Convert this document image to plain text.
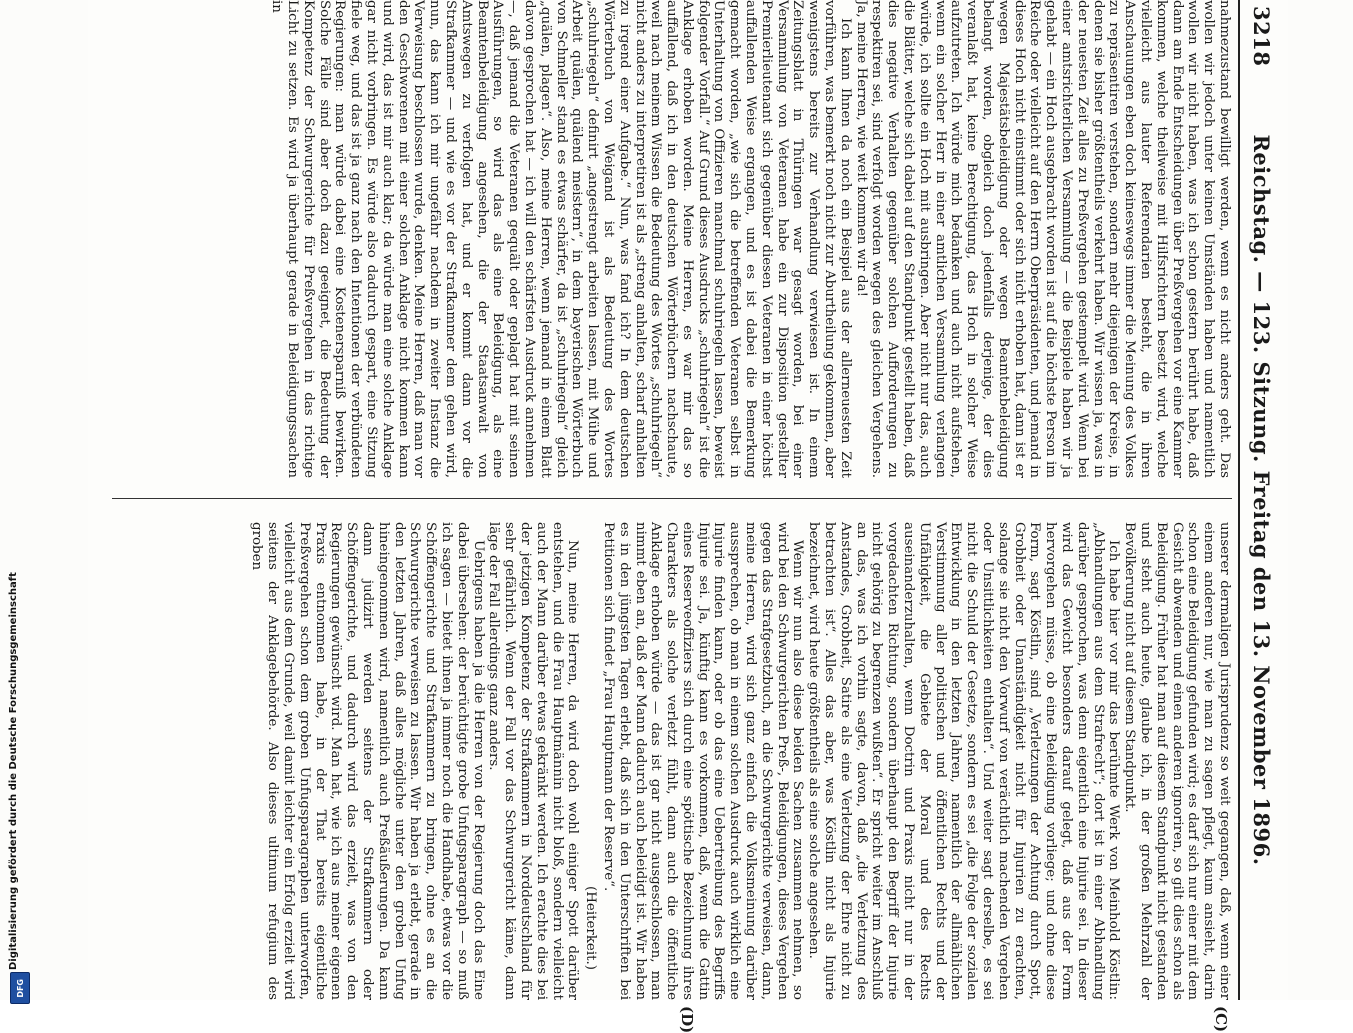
Digitalisierung gefördert durch die Deutsche Forschungsgemeinschaft
DFG
3218
Reichstag. — 123. Sitzung. Freitag den 13. November 1896.
(C)
(D)

nahmezustand bewilligt werden, wenn es nicht anders geht. Das wollen wir jedoch unter keinen Umständen haben und namentlich wollen wir nicht haben, was ich schon gestern berührt habe, daß dann am Ende Entscheidungen über Preßvergehen vor eine Kammer kommen, welche theilweise mit Hilfsrichtern besetzt wird, welche vielleicht aus lauter Referendarien besteht, die in ihren Anschauungen eben doch keineswegs immer die Meinung des Volkes zu repräsentiren verstehen, sondern mehr diejenigen der Kreise, in denen sie bisher größtentheils verkehrt haben. Wir wissen ja, was in der neuesten Zeit alles zu Preßvergehen gestempelt wird. Wenn bei einer amtsrichterlichen Versammlung — die Beispiele haben wir ja gehabt — ein Hoch ausgebracht worden ist auf die höchste Person im Reiche oder vielleicht auf den Herrn Oberpräsidenten, und jemand in dieses Hoch nicht einstimmt oder sich nicht erhoben hat, dann ist er wegen Majestätsbeleidigung oder wegen Beamtenbeleidigung belangt worden, obgleich doch jedenfalls derjenige, der dies veranlaßt hat, keine Berechtigung, das Hoch in solcher Weise aufzutreten. Ich würde mich bedanken und auch nicht aufstehen, wenn ein solcher Herr in einer amtlichen Versammlung verlangen würde, ich sollte ein Hoch mit ausbringen. Aber nicht nur das, auch die Blätter, welche sich dabei auf den Standpunkt gestellt haben, daß dies negative Verhalten gegenüber solchen Aufforderungen zu respektiren sei, sind verfolgt worden wegen des gleichen Vergehens. Ja, meine Herren, wie weit kommen wir da!

Ich kann Ihnen da noch ein Beispiel aus der allerneuesten Zeit vorführen, was bemerkt noch nicht zur Aburtheilung gekommen, aber wenigstens bereits zur Verhandlung verwiesen ist. In einem Zeitungsblatt in Thüringen war gesagt worden, bei einer Versammlung von Veteranen habe ein zur Disposition gestellter Premierlieutenant sich gegenüber diesen Veteranen in einer höchst auffallenden Weise ergangen, und es ist dabei die Bemerkung gemacht worden, „wie sich die betreffenden Veteranen selbst in Unterhaltung von Offizieren manchmal schuhriegeln lassen, beweist folgender Vorfall.“ Auf Grund dieses Ausdrucks „schuhriegeln“ ist die Anklage erhoben worden. Meine Herren, es war mir das so auffallend, daß ich in den deutschen Wörterbüchern nachschaute, weil nach meinem Wissen die Bedeutung des Wortes „schuhriegeln“ nicht anders zu interpretiren ist als „streng anhalten, scharf anhalten zu irgend einer Aufgabe.“ Nun, was fand ich? In dem deutschen Wörterbuch von Weigand ist als Bedeutung des Wortes „schuhriegeln“ definirt „angestrengt arbeiten lassen, mit Mühe und Arbeit quälen, quälend meistern“, in dem bayerischen Wörterbuch von Schmeller stand es etwas schärfer, da ist „schuhriegeln“ gleich „quälen, plagen“. Also, meine Herren, wenn jemand in einem Blatt davon gesprochen hat — ich will den schärfsten Ausdruck annehmen —, daß jemand die Veteranen gequält oder geplagt hat mit seinen Ausführungen, so wird das als eine Beleidigung, als eine Beamtenbeleidigung angesehen, die der Staatsanwalt von Amtswegen zu verfolgen hat, und er kommt dann vor die Strafkammer — und wie es vor der Strafkammer dem gehen wird, nun, das kann ich mir ungefähr nachdem in zweiter Instanz die Verweisung beschlossen wurde, denken. Meine Herren, daß man vor den Geschworenen mit einer solchen Anklage nicht kommen kann und wird, das ist mir auch klar; da würde man eine solche Anklage gar nicht vorbringen. Es würde also dadurch gespart, eine Sitzung fiele weg, und das ist ja ganz nach den Intentionen der verbündeten Regierungen: man würde dabei eine Kostenersparniß bewirken. Solche Fälle sind aber doch dazu geeignet, die Bedeutung der Kompetenz der Schwurgerichte für Preßvergehen in das richtige Licht zu setzen. Es wird ja überhaupt gerade in Beleidigungssachen in

unserer dermaligen Jurisprudenz so weit gegangen, daß, wenn einer einem anderen nur, wie man zu sagen pflegt, kaum ansieht, darin schon eine Beleidigung gefunden wird; es darf sich nur einer mit dem Gesicht abwenden und einen anderen ignoriren, so gilt dies schon als Beleidigung. Früher hat man auf diesem Standpunkt nicht gestanden und steht auch heute, glaube ich, in der großen Mehrzahl der Bevölkerung nicht auf diesem Standpunkt.

Ich habe hier vor mir das berühmte Werk von Meinhold Köstlin: „Abhandlungen aus dem Strafrecht“; dort ist in einer Abhandlung darüber gesprochen, was denn eigentlich eine Injurie sei. In dieser wird das Gewicht besonders darauf gelegt, daß aus der Form hervorgehen müsse, ob eine Beleidigung vorliege; und ohne diese Form, sagt Köstlin, sind „Verletzungen der Achtung durch Spott, Grobheit oder Unanständigkeit nicht für Injurien zu erachten, solange sie nicht den Vorwurf von verächtlich machenden Vergehen oder Unsittlichkeiten enthalten“. Und weiter sagt derselbe, es sei nicht die Schuld der Gesetze, sondern es sei „die Folge der sozialen Entwicklung in den letzten Jahren, namentlich der allmählichen Verstimmung aller politischen und öffentlichen Rechts und der Unfähigkeit, die Gebiete der Moral und des Rechts auseinanderzuhalten, wenn Doctrin und Praxis nicht nur in der vorgedachten Richtung, sondern überhaupt den Begriff der Injurie nicht gehörig zu begrenzen wußten“. Er spricht weiter im Anschluß an das, was ich vorhin sagte, davon, daß „die Verletzung des Anstandes, Grobheit, Satire als eine Verletzung der Ehre nicht zu betrachten ist“. Alles das aber, was Köstlin nicht als Injurie bezeichnet, wird heute größtentheils als eine solche angesehen.

Wenn wir nun also diese beiden Sachen zusammen nehmen, so wird bei den Schwurgerichten Preß-, Beleidigungen, dieses Vergehen gegen das Strafgesetzbuch, an die Schwurgerichte verweisen, dann, meine Herren, wird sich ganz einfach die Volksmeinung darüber aussprechen, ob man in einem solchen Ausdruck auch wirklich eine Injurie finden kann, oder ob das eine Uebertreibung des Begriffs Injurie sei. Ja, künftig kann es vorkommen, daß, wenn die Gattin eines Reserveoffiziers sich durch eine spöttische Bezeichnung ihres Charakters als solche verletzt fühlt, dann auch die öffentliche Anklage erhoben würde — das ist gar nicht ausgeschlossen, man nimmt eben an, daß der Mann dadurch auch beleidigt ist. Wir haben es in den jüngsten Tagen erlebt, daß sich in den Unterschriften bei Petitionen sich findet „Frau Hauptmann der Reserve“.

(Heiterkeit.)

Nun, meine Herren, da wird doch wohl einiger Spott darüber entstehen, und die Frau Hauptmännin nicht bloß, sondern vielleicht auch der Mann darüber etwas gekränkt werden. Ich erachte dies bei der jetzigen Kompetenz der Strafkammern in Norddeutschland für sehr gefährlich. Wenn der Fall vor das Schwurgericht käme, dann läge der Fall allerdings ganz anders.

Uebrigens haben ja die Herren von der Regierung doch das Eine dabei übersehen: der berüchtigte grobe Unfugsparagraph — so muß ich sagen — bietet ihnen ja immer noch die Handhabe, etwas vor die Schöffengerichte und Strafkammern zu bringen, ohne es an die Schwurgerichte verweisen zu lassen. Wir haben ja erlebt, gerade in den letzten Jahren, daß alles mögliche unter den groben Unfug hineingenommen wird, namentlich auch Preßäußerungen. Da kann dann judizirt werden seitens der Strafkammern oder Schöffengerichte, und dadurch wird das erzielt, was von den Regierungen gewünscht wird. Man hat, wie ich aus meiner eigenen Praxis entnommen habe, in der That bereits eigentliche Preßvergehen schon dem groben Unfugsparagraphen unterworfen, vielleicht aus dem Grunde, weil damit leichter ein Erfolg erzielt wird seitens der Anklagebehörde. Also dieses ultimum refugium des groben
